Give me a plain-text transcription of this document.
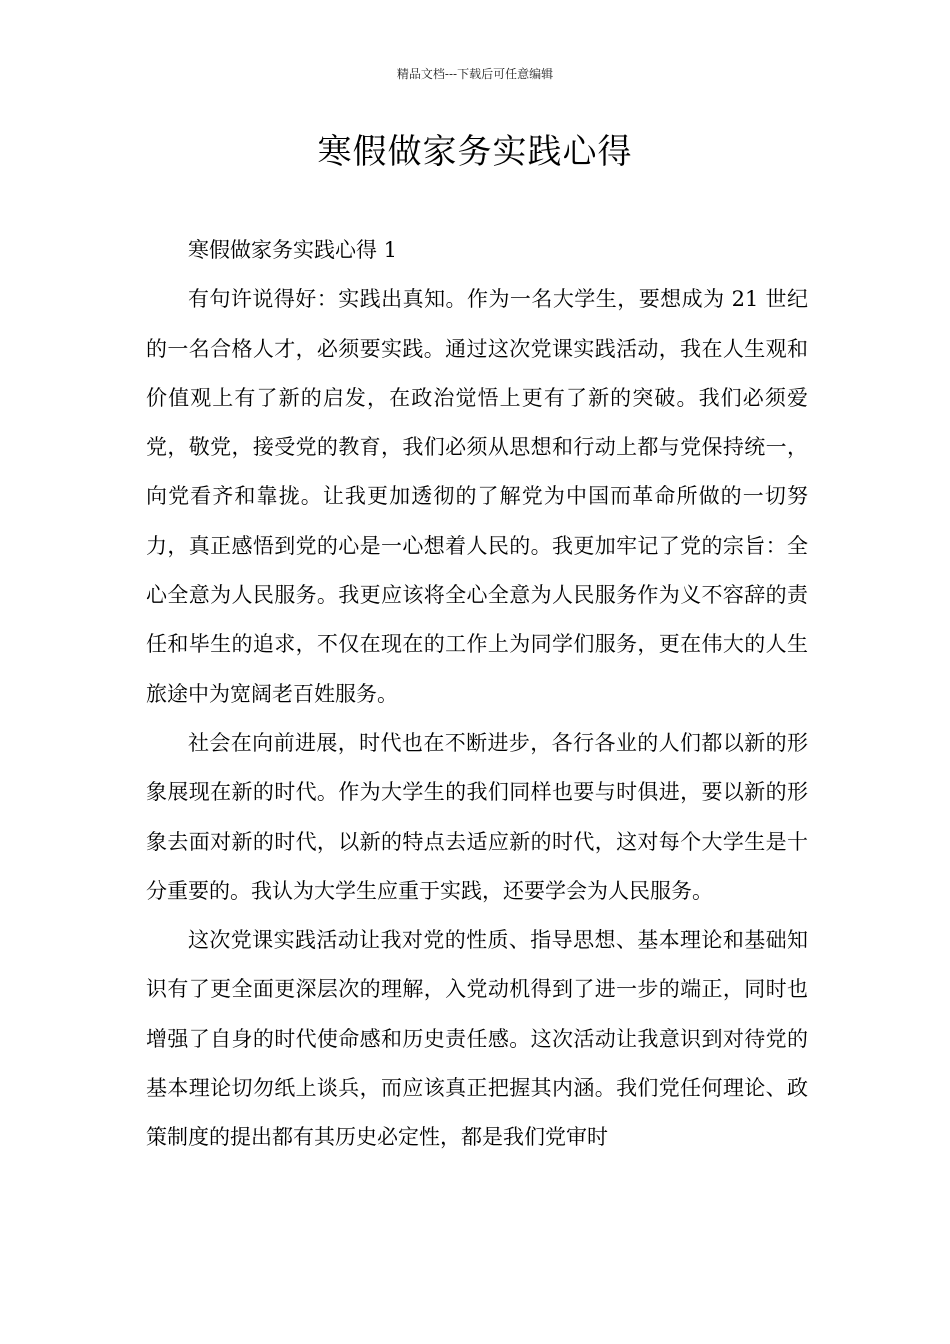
精品文档---下载后可任意编辑
寒假做家务实践心得

寒假做家务实践心得 1

有句许说得好：实践出真知。作为一名大学生，要想成为 21 世纪的一名合格人才，必须要实践。通过这次党课实践活动，我在人生观和价值观上有了新的启发，在政治觉悟上更有了新的突破。我们必须爱党，敬党，接受党的教育，我们必须从思想和行动上都与党保持统一，向党看齐和靠拢。让我更加透彻的了解党为中国而革命所做的一切努力，真正感悟到党的心是一心想着人民的。我更加牢记了党的宗旨：全心全意为人民服务。我更应该将全心全意为人民服务作为义不容辞的责任和毕生的追求，不仅在现在的工作上为同学们服务，更在伟大的人生旅途中为宽阔老百姓服务。

社会在向前进展，时代也在不断进步，各行各业的人们都以新的形象展现在新的时代。作为大学生的我们同样也要与时俱进，要以新的形象去面对新的时代，以新的特点去适应新的时代，这对每个大学生是十分重要的。我认为大学生应重于实践，还要学会为人民服务。

这次党课实践活动让我对党的性质、指导思想、基本理论和基础知识有了更全面更深层次的理解，入党动机得到了进一步的端正，同时也增强了自身的时代使命感和历史责任感。这次活动让我意识到对待党的基本理论切勿纸上谈兵，而应该真正把握其内涵。我们党任何理论、政策制度的提出都有其历史必定性，都是我们党审时
